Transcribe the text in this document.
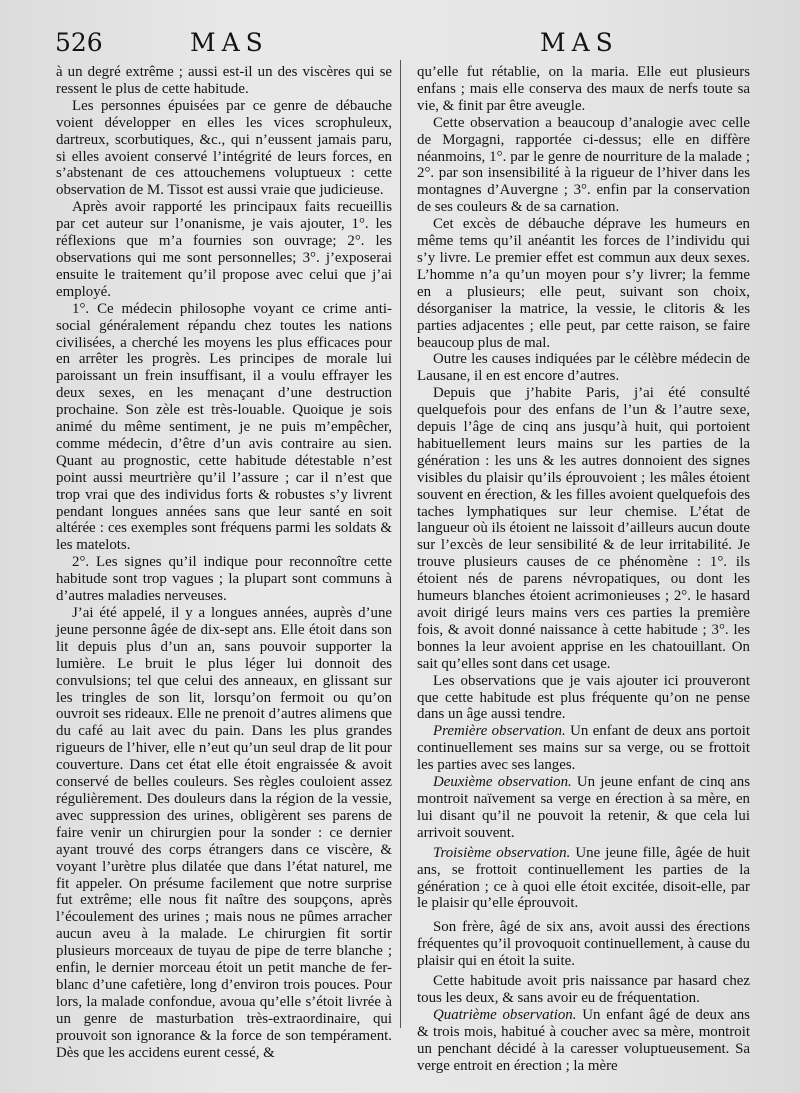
526	MAS	MAS

à un degré extrême ; aussi est-il un des viscères qui se ressent le plus de cette habitude.

Les personnes épuisées par ce genre de débauche voient développer en elles les vices scrophuleux, dartreux, scorbutiques, &c., qui n’eussent jamais paru, si elles avoient conservé l’intégrité de leurs forces, en s’abstenant de ces attouchemens voluptueux : cette observation de M. Tissot est aussi vraie que judicieuse.

Après avoir rapporté les principaux faits recueillis par cet auteur sur l’onanisme, je vais ajouter, 1°. les réflexions que m’a fournies son ouvrage; 2°. les observations qui me sont personnelles; 3°. j’exposerai ensuite le traitement qu’il propose avec celui que j’ai employé.

1°. Ce médecin philosophe voyant ce crime anti-social généralement répandu chez toutes les nations civilisées, a cherché les moyens les plus efficaces pour en arrêter les progrès. Les principes de morale lui paroissant un frein insuffisant, il a voulu effrayer les deux sexes, en les menaçant d’une destruction prochaine. Son zèle est très-louable. Quoique je sois animé du même sentiment, je ne puis m’empêcher, comme médecin, d’être d’un avis contraire au sien. Quant au prognostic, cette habitude détestable n’est point aussi meurtrière qu’il l’assure ; car il n’est que trop vrai que des individus forts & robustes s’y livrent pendant longues années sans que leur santé en soit altérée : ces exemples sont fréquens parmi les soldats & les matelots.

2°. Les signes qu’il indique pour reconnoître cette habitude sont trop vagues ; la plupart sont communs à d’autres maladies nerveuses.

J’ai été appelé, il y a longues années, auprès d’une jeune personne âgée de dix-sept ans. Elle étoit dans son lit depuis plus d’un an, sans pouvoir supporter la lumière. Le bruit le plus léger lui donnoit des convulsions; tel que celui des anneaux, en glissant sur les tringles de son lit, lorsqu’on fermoit ou qu’on ouvroit ses rideaux. Elle ne prenoit d’autres alimens que du café au lait avec du pain. Dans les plus grandes rigueurs de l’hiver, elle n’eut qu’un seul drap de lit pour couverture. Dans cet état elle étoit engraissée & avoit conservé de belles couleurs. Ses règles couloient assez régulièrement. Des douleurs dans la région de la vessie, avec suppression des urines, obligèrent ses parens de faire venir un chirurgien pour la sonder : ce dernier ayant trouvé des corps étrangers dans ce viscère, & voyant l’urètre plus dilatée que dans l’état naturel, me fit appeler. On présume facilement que notre surprise fut extrême; elle nous fit naître des soupçons, après l’écoulement des urines ; mais nous ne pûmes arracher aucun aveu à la malade. Le chirurgien fit sortir plusieurs morceaux de tuyau de pipe de terre blanche ; enfin, le dernier morceau étoit un petit manche de fer-blanc d’une cafetière, long d’environ trois pouces. Pour lors, la malade confondue, avoua qu’elle s’étoit livrée à un genre de masturbation très-extraordinaire, qui prouvoit son ignorance & la force de son tempérament. Dès que les accidens eurent cessé, &

qu’elle fut rétablie, on la maria. Elle eut plusieurs enfans ; mais elle conserva des maux de nerfs toute sa vie, & finit par être aveugle.

Cette observation a beaucoup d’analogie avec celle de Morgagni, rapportée ci-dessus; elle en diffère néanmoins, 1°. par le genre de nourriture de la malade ; 2°. par son insensibilité à la rigueur de l’hiver dans les montagnes d’Auvergne ; 3°. enfin par la conservation de ses couleurs & de sa carnation.

Cet excès de débauche déprave les humeurs en même tems qu’il anéantit les forces de l’individu qui s’y livre. Le premier effet est commun aux deux sexes. L’homme n’a qu’un moyen pour s’y livrer; la femme en a plusieurs; elle peut, suivant son choix, désorganiser la matrice, la vessie, le clitoris & les parties adjacentes ; elle peut, par cette raison, se faire beaucoup plus de mal.

Outre les causes indiquées par le célèbre médecin de Lausane, il en est encore d’autres.

Depuis que j’habite Paris, j’ai été consulté quelquefois pour des enfans de l’un & l’autre sexe, depuis l’âge de cinq ans jusqu’à huit, qui portoient habituellement leurs mains sur les parties de la génération : les uns & les autres donnoient des signes visibles du plaisir qu’ils éprouvoient ; les mâles étoient souvent en érection, & les filles avoient quelquefois des taches lymphatiques sur leur chemise. L’état de langueur où ils étoient ne laissoit d’ailleurs aucun doute sur l’excès de leur sensibilité & de leur irritabilité. Je trouve plusieurs causes de ce phénomène : 1°. ils étoient nés de parens névropatiques, ou dont les humeurs blanches étoient acrimonieuses ; 2°. le hasard avoit dirigé leurs mains vers ces parties la première fois, & avoit donné naissance à cette habitude ; 3°. les bonnes la leur avoient apprise en les chatouillant. On sait qu’elles sont dans cet usage.

Les observations que je vais ajouter ici prouveront que cette habitude est plus fréquente qu’on ne pense dans un âge aussi tendre.

Première observation. Un enfant de deux ans portoit continuellement ses mains sur sa verge, ou se frottoit les parties avec ses langes.

Deuxième observation. Un jeune enfant de cinq ans montroit naïvement sa verge en érection à sa mère, en lui disant qu’il ne pouvoit la retenir, & que cela lui arrivoit souvent.

Troisième observation. Une jeune fille, âgée de huit ans, se frottoit continuellement les parties de la génération ; ce à quoi elle étoit excitée, disoit-elle, par le plaisir qu’elle éprouvoit.

Son frère, âgé de six ans, avoit aussi des érections fréquentes qu’il provoquoit continuellement, à cause du plaisir qui en étoit la suite.

Cette habitude avoit pris naissance par hasard chez tous les deux, & sans avoir eu de fréquentation.

Quatrième observation. Un enfant âgé de deux ans & trois mois, habitué à coucher avec sa mère, montroit un penchant décidé à la caresser voluptueusement. Sa verge entroit en érection ; la mère
